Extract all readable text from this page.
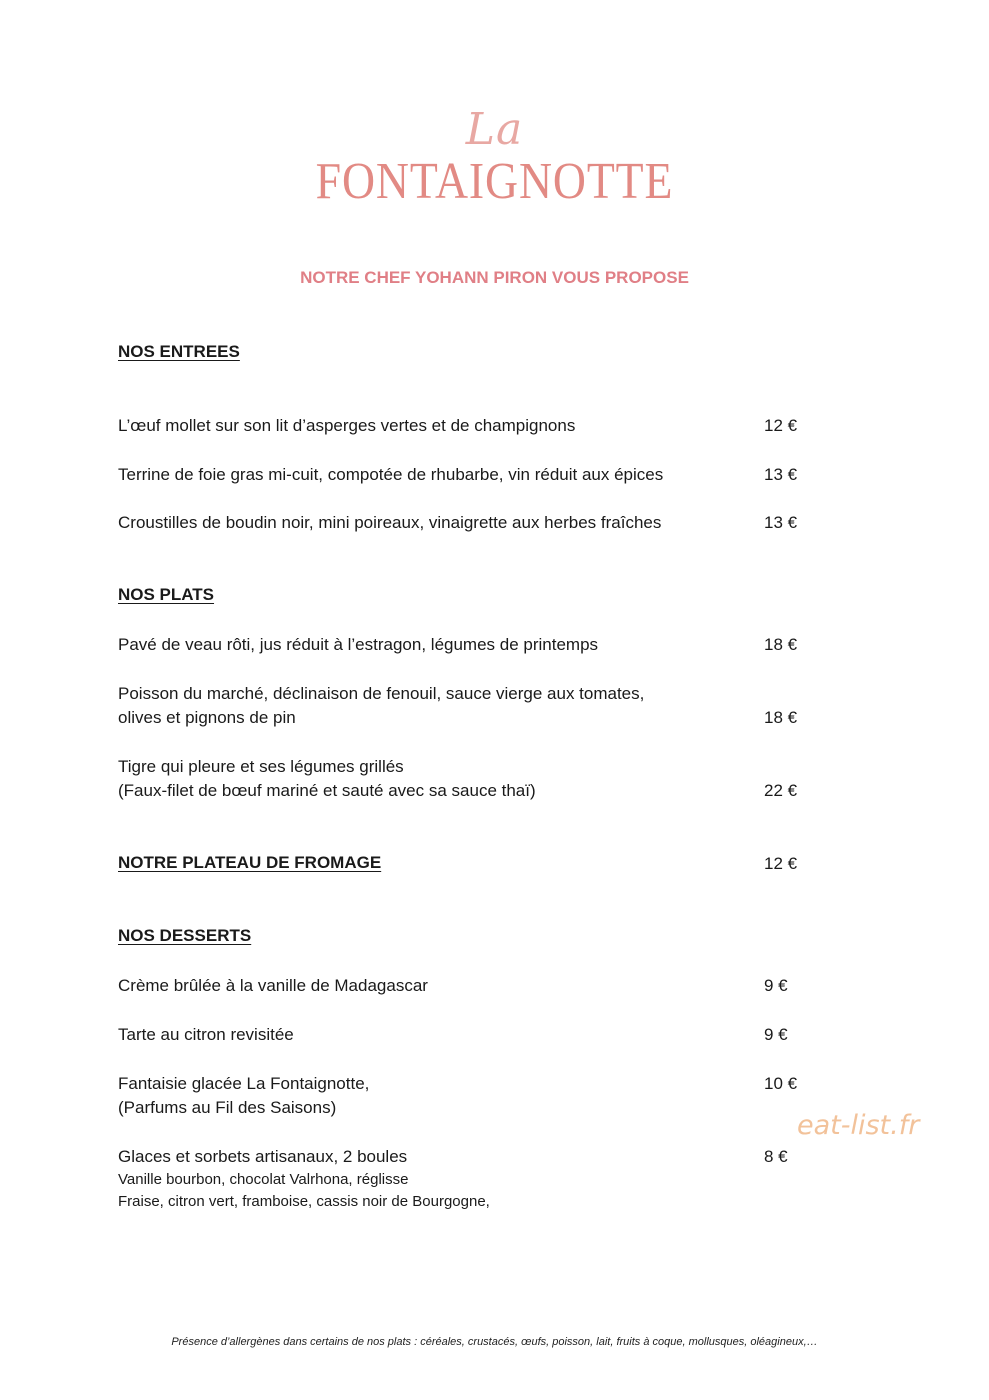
La
FONTAIGNOTTE
NOTRE CHEF YOHANN PIRON VOUS PROPOSE
NOS ENTREES
L’œuf mollet sur son lit d’asperges vertes et de champignons	12 €
Terrine de foie gras mi-cuit, compotée de rhubarbe, vin réduit aux épices	13 €
Croustilles de boudin noir, mini poireaux, vinaigrette aux herbes fraîches	13 €
NOS PLATS
Pavé de veau rôti, jus réduit à l’estragon, légumes de printemps	18 €
Poisson du marché, déclinaison de fenouil, sauce vierge aux tomates,
olives et pignons de pin	18 €
Tigre qui pleure et ses légumes grillés
(Faux-filet de bœuf mariné et sauté avec sa sauce thaï)	22 €
NOTRE PLATEAU DE FROMAGE	12 €
NOS DESSERTS
Crème brûlée à la vanille de Madagascar	9 €
Tarte au citron revisitée	9 €
Fantaisie glacée La Fontaignotte,
(Parfums au Fil des Saisons)
10 €
Glaces et sorbets artisanaux, 2 boules
Vanille bourbon, chocolat Valrhona, réglisse
Fraise, citron vert, framboise, cassis noir de Bourgogne,
8 €
eat-list.fr
Présence d’allergènes dans certains de nos plats : céréales, crustacés, œufs, poisson, lait, fruits à coque, mollusques, oléagineux,…
